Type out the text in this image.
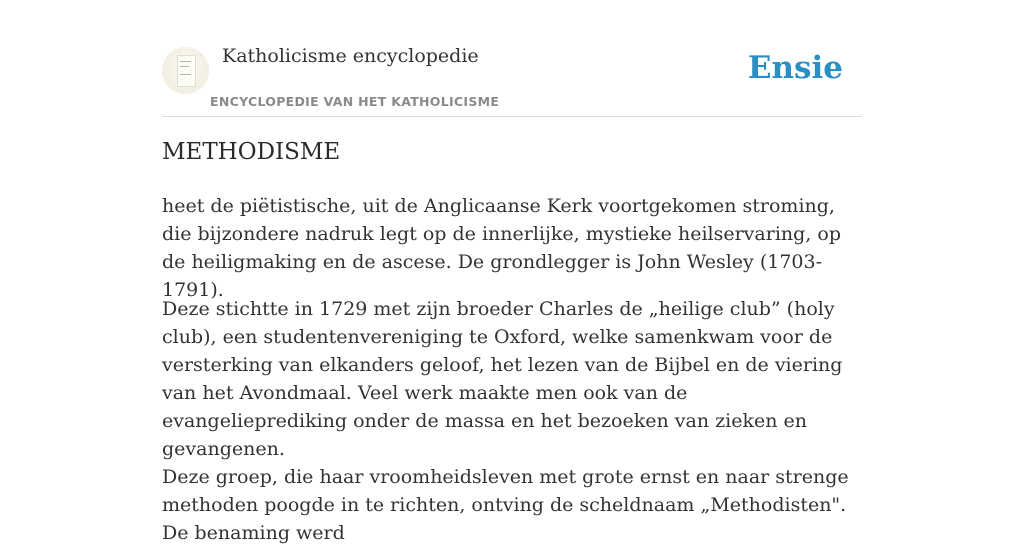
Katholicisme encyclopedie
ENCYCLOPEDIE VAN HET KATHOLICISME
Ensie
METHODISME

heet de piëtistische, uit de Anglicaanse Kerk voortgekomen stroming, die bijzondere nadruk legt op de innerlijke, mystieke heilservaring, op de heiligmaking en de ascese. De grondlegger is John Wesley (1703-1791).

Deze stichtte in 1729 met zijn broeder Charles de „heilige club” (holy club), een studentenvereniging te Oxford, welke samenkwam voor de versterking van elkanders geloof, het lezen van de Bijbel en de viering van het Avondmaal. Veel werk maakte men ook van de evangelieprediking onder de massa en het bezoeken van zieken en gevangenen.

Deze groep, die haar vroomheidsleven met grote ernst en naar strenge methoden poogde in te richten, ontving de scheldnaam „Methodisten". De benaming werd
